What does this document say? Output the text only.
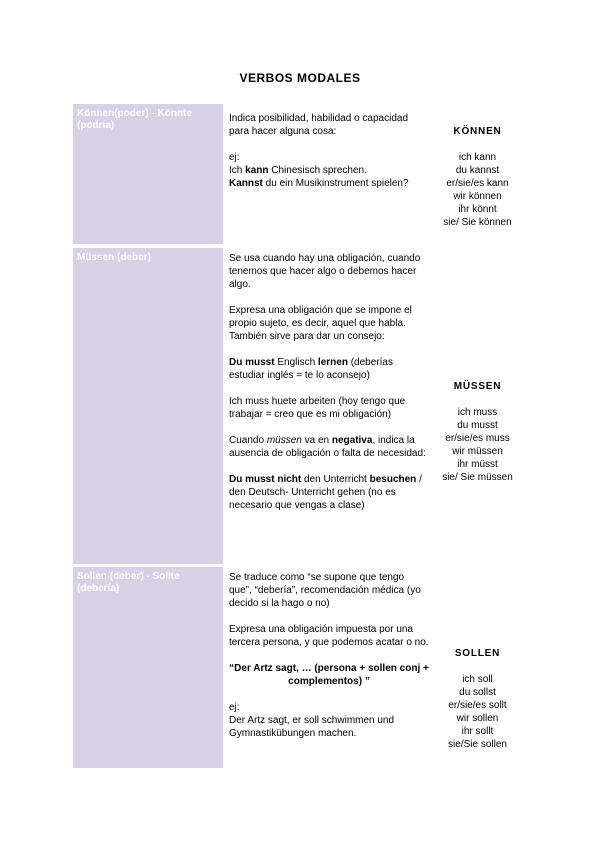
VERBOS MODALES
Können(poder) - Könnte (podría)

Indica posibilidad, habilidad o capacidad para hacer alguna cosa:

ej:

Ich kann Chinesisch sprechen.

Kannst du ein Musikinstrument spielen?

KÖNNEN

ich kann

du kannst

er/sie/es kann

wir können

ihr könnt

sie/ Sie können

Müssen (deber)	Se usa cuando hay una obligación, cuando tenemos que hacer algo o debemos hacer algo.

Expresa una obligación que se impone el propio sujeto, es decir, aquel que habla. También sirve para dar un consejo:

Du musst Englisch lernen (deberías estudiar inglés = te lo aconsejo)

Ich muss huete arbeiten (hoy tengo que trabajar = creo que es mi obligación)

Cuando müssen va en negativa, indica la ausencia de obligación o falta de necesidad:

Du musst nicht den Unterricht besuchen / den Deutsch- Unterricht gehen (no es necesario que vengas a clase)

MÜSSEN

ich muss

du musst

er/sie/es muss

wir müssen

ihr müsst

sie/ Sie müssen

Sollen (deber) - Sollte (debería)

Se traduce como “se supone que tengo que”, “debería”, recomendación médica (yo decido si la hago o no)

Expresa una obligación impuesta por una tercera persona, y que podemos acatar o no.

“Der Artz sagt, … (persona + sollen conj + complementos) ”

ej:

Der Artz sagt, er soll schwimmen und Gymnastikübungen machen.

SOLLEN

ich soll

du sollst

er/sie/es sollt

wir sollen

ihr sollt

sie/Sie sollen
